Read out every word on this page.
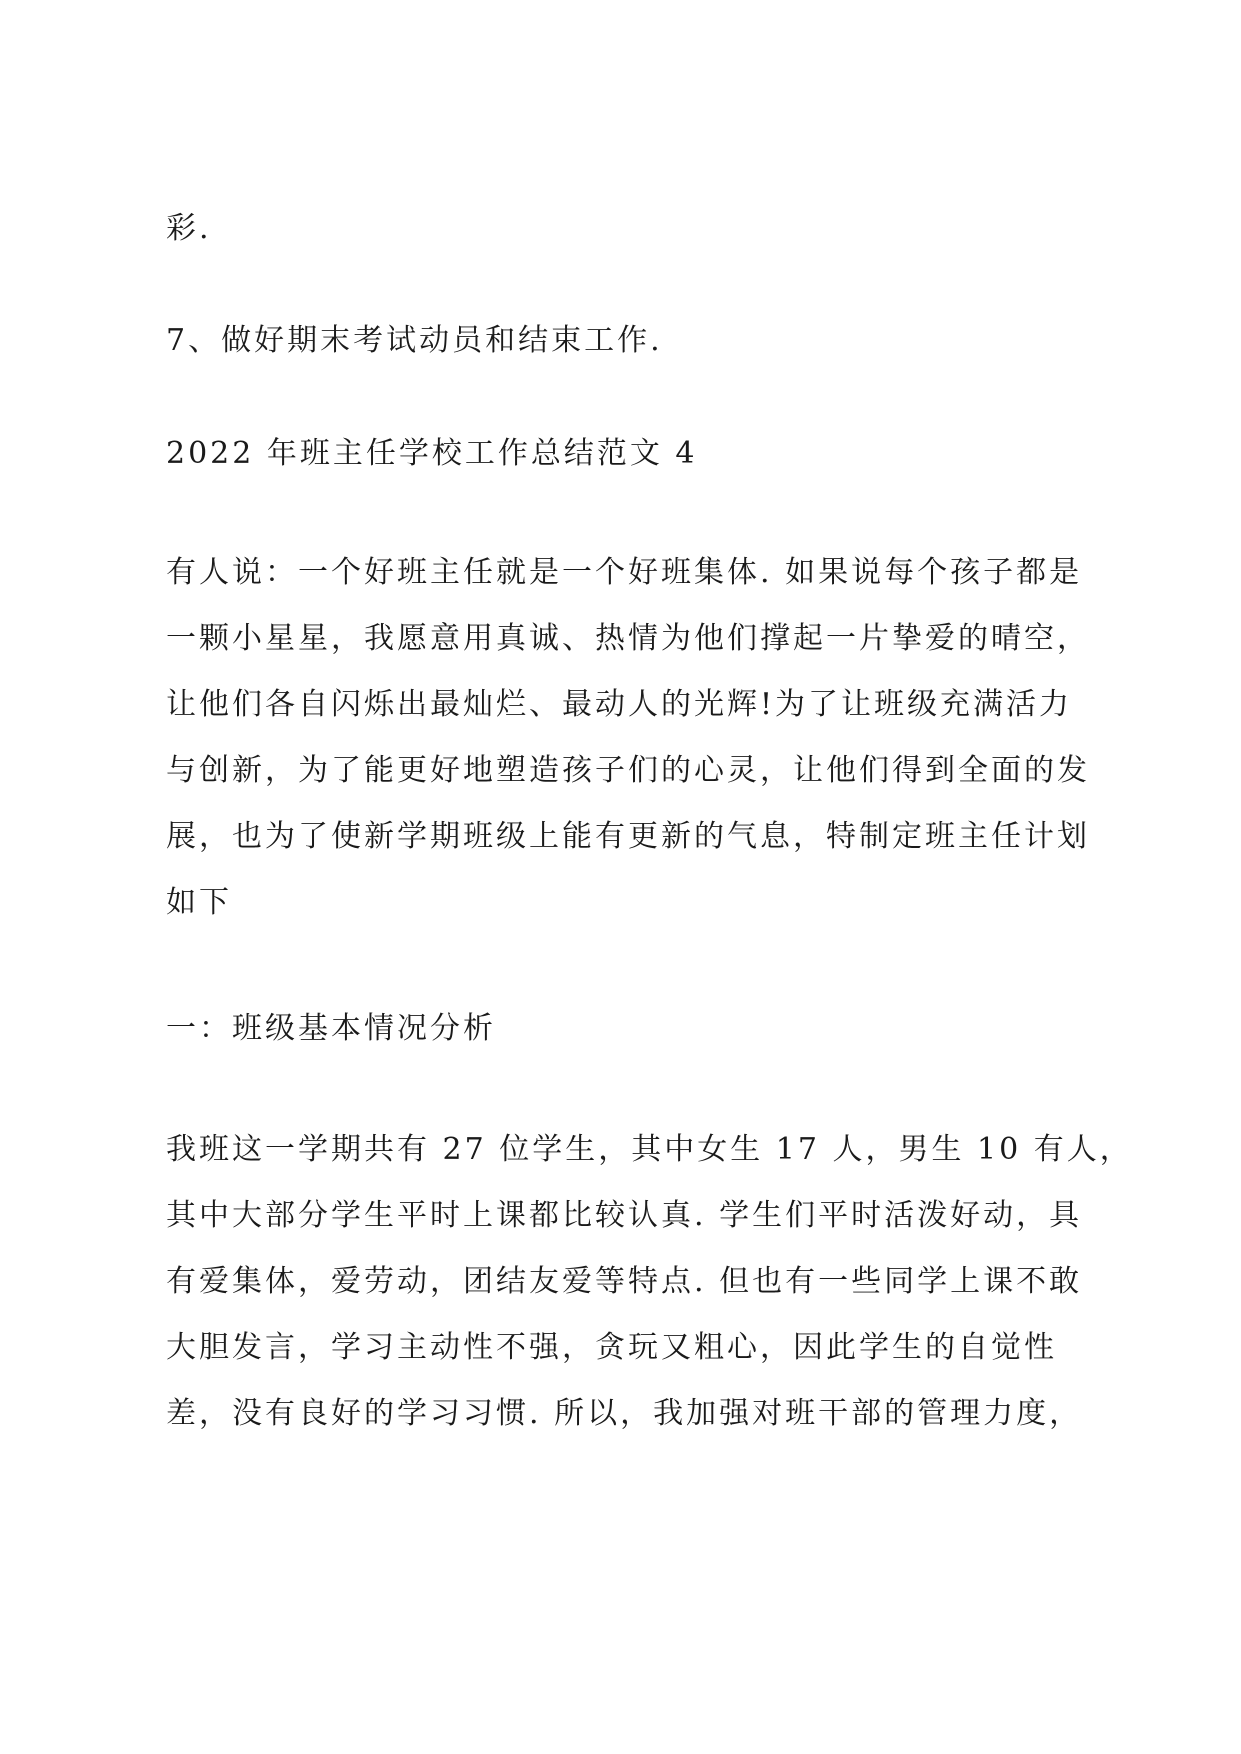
彩.
7、做好期末考试动员和结束工作.
2022 年班主任学校工作总结范文 4
有人说：一个好班主任就是一个好班集体. 如果说每个孩子都是
一颗小星星，我愿意用真诚、热情为他们撑起一片挚爱的晴空，
让他们各自闪烁出最灿烂、最动人的光辉!为了让班级充满活力
与创新，为了能更好地塑造孩子们的心灵，让他们得到全面的发
展，也为了使新学期班级上能有更新的气息，特制定班主任计划
如下
一：班级基本情况分析
我班这一学期共有 27 位学生，其中女生 17 人，男生 10 有人，
其中大部分学生平时上课都比较认真. 学生们平时活泼好动，具
有爱集体，爱劳动，团结友爱等特点. 但也有一些同学上课不敢
大胆发言，学习主动性不强，贪玩又粗心，因此学生的自觉性
差，没有良好的学习习惯. 所以，我加强对班干部的管理力度，
